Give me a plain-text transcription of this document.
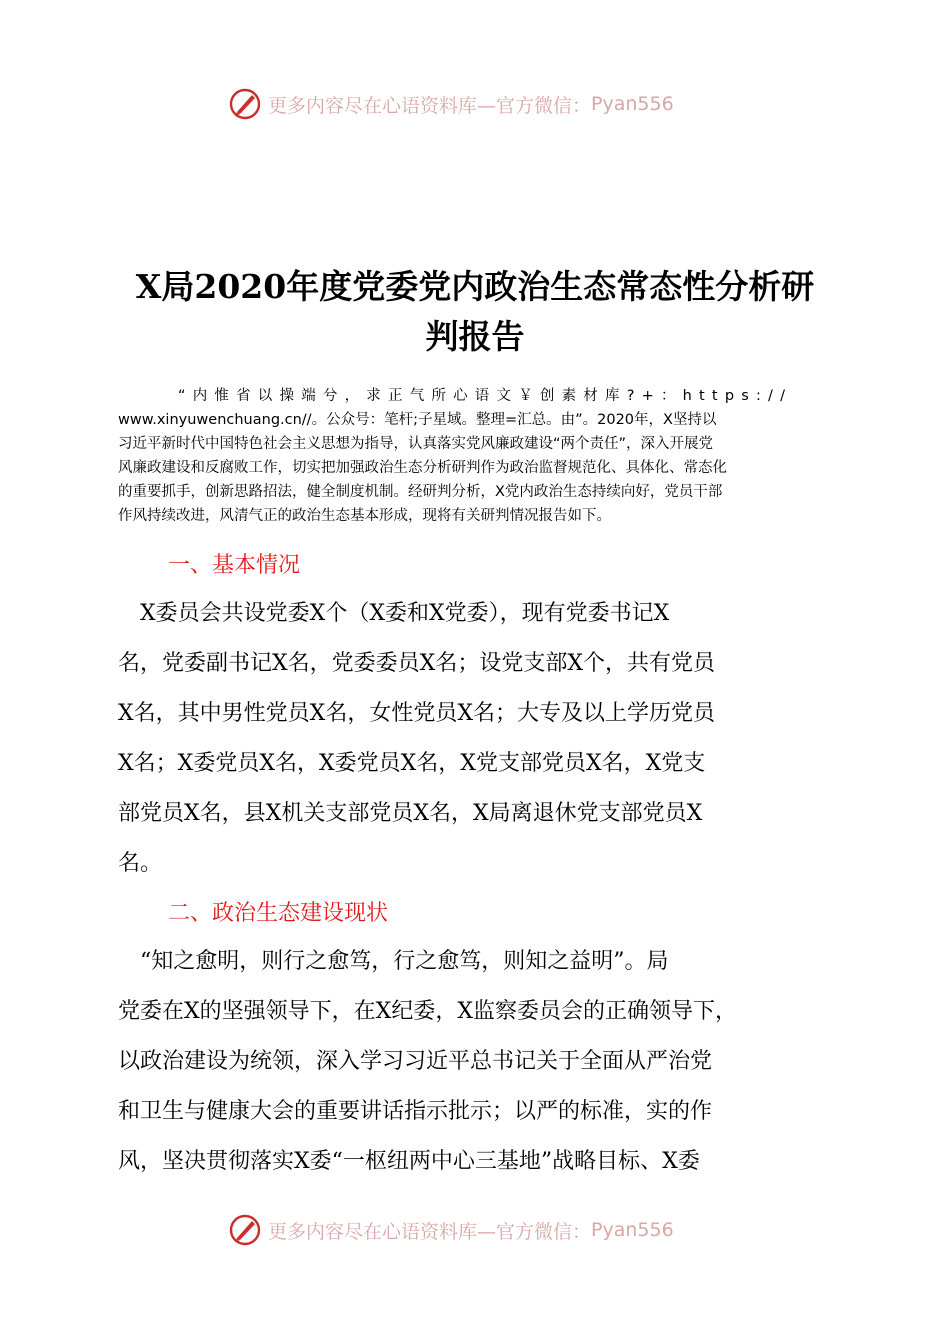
更多内容尽在心语资料库—官方微信： Pyan556
X局2020年度党委党内政治生态常态性分析研
判报告
“内惟省以操端兮，求正气所心语文￥创素材库?+：https://
www.xinyuwenchuang.cn//。公众号：笔杆;子星域。整理=汇总。由”。2020年，X坚持以
习近平新时代中国特色社会主义思想为指导，认真落实党风廉政建设“两个责任”，深入开展党
风廉政建设和反腐败工作，切实把加强政治生态分析研判作为政治监督规范化、具体化、常态化
的重要抓手，创新思路招法，健全制度机制。经研判分析，X党内政治生态持续向好，党员干部
作风持续改进，风清气正的政治生态基本形成，现将有关研判情况报告如下。
一、基本情况
　X委员会共设党委X个（X委和X党委），现有党委书记X
名，党委副书记X名，党委委员X名；设党支部X个，共有党员
X名，其中男性党员X名，女性党员X名；大专及以上学历党员
X名；X委党员X名，X委党员X名，X党支部党员X名，X党支
部党员X名，县X机关支部党员X名，X局离退休党支部党员X
名。
二、政治生态建设现状
　“知之愈明，则行之愈笃，行之愈笃，则知之益明”。局
党委在X的坚强领导下，在X纪委，X监察委员会的正确领导下，
以政治建设为统领，深入学习习近平总书记关于全面从严治党
和卫生与健康大会的重要讲话指示批示；以严的标准，实的作
风，坚决贯彻落实X委“一枢纽两中心三基地”战略目标、X委
更多内容尽在心语资料库—官方微信： Pyan556
